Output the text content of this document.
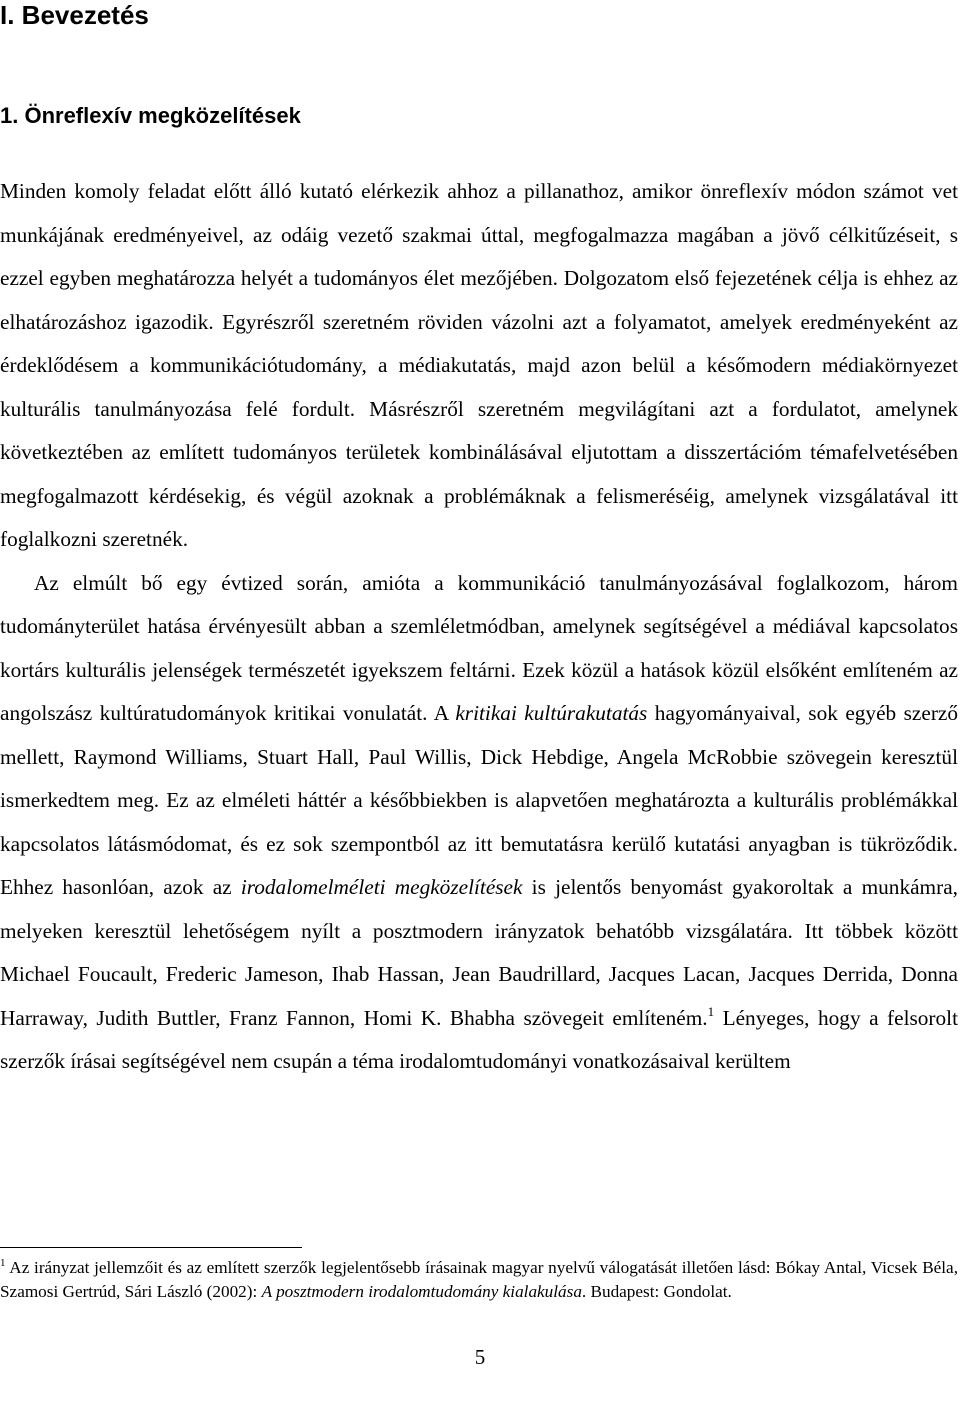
I. Bevezetés
1. Önreflexív megközelítések

Minden komoly feladat előtt álló kutató elérkezik ahhoz a pillanathoz, amikor önreflexív módon számot vet munkájának eredményeivel, az odáig vezető szakmai úttal, megfogalmazza magában a jövő célkitűzéseit, s ezzel egyben meghatározza helyét a tudományos élet mezőjében. Dolgozatom első fejezetének célja is ehhez az elhatározáshoz igazodik. Egyrészről szeretném röviden vázolni azt a folyamatot, amelyek eredményeként az érdeklődésem a kommunikációtudomány, a médiakutatás, majd azon belül a későmodern médiakörnyezet kulturális tanulmányozása felé fordult. Másrészről szeretném megvilágítani azt a fordulatot, amelynek következtében az említett tudományos területek kombinálásával eljutottam a disszertációm témafelvetésében megfogalmazott kérdésekig, és végül azoknak a problémáknak a felismeréséig, amelynek vizsgálatával itt foglalkozni szeretnék.

Az elmúlt bő egy évtized során, amióta a kommunikáció tanulmányozásával foglalkozom, három tudományterület hatása érvényesült abban a szemléletmódban, amelynek segítségével a médiával kapcsolatos kortárs kulturális jelenségek természetét igyekszem feltárni. Ezek közül a hatások közül elsőként említeném az angolszász kultúratudományok kritikai vonulatát. A kritikai kultúrakutatás hagyományaival, sok egyéb szerző mellett, Raymond Williams, Stuart Hall, Paul Willis, Dick Hebdige, Angela McRobbie szövegein keresztül ismerkedtem meg. Ez az elméleti háttér a későbbiekben is alapvetően meghatározta a kulturális problémákkal kapcsolatos látásmódomat, és ez sok szempontból az itt bemutatásra kerülő kutatási anyagban is tükröződik. Ehhez hasonlóan, azok az irodalomelméleti megközelítések is jelentős benyomást gyakoroltak a munkámra, melyeken keresztül lehetőségem nyílt a posztmodern irányzatok behatóbb vizsgálatára. Itt többek között Michael Foucault, Frederic Jameson, Ihab Hassan, Jean Baudrillard, Jacques Lacan, Jacques Derrida, Donna Harraway, Judith Buttler, Franz Fannon, Homi K. Bhabha szövegeit említeném.$^1$ Lényeges, hogy a felsorolt szerzők írásai segítségével nem csupán a téma irodalomtudományi vonatkozásaival kerültem

$^1$ Az irányzat jellemzőit és az említett szerzők legjelentősebb írásainak magyar nyelvű válogatását illetően lásd: Bókay Antal, Vicsek Béla, Szamosi Gertrúd, Sári László (2002): A posztmodern irodalomtudomány kialakulása. Budapest: Gondolat.

5
